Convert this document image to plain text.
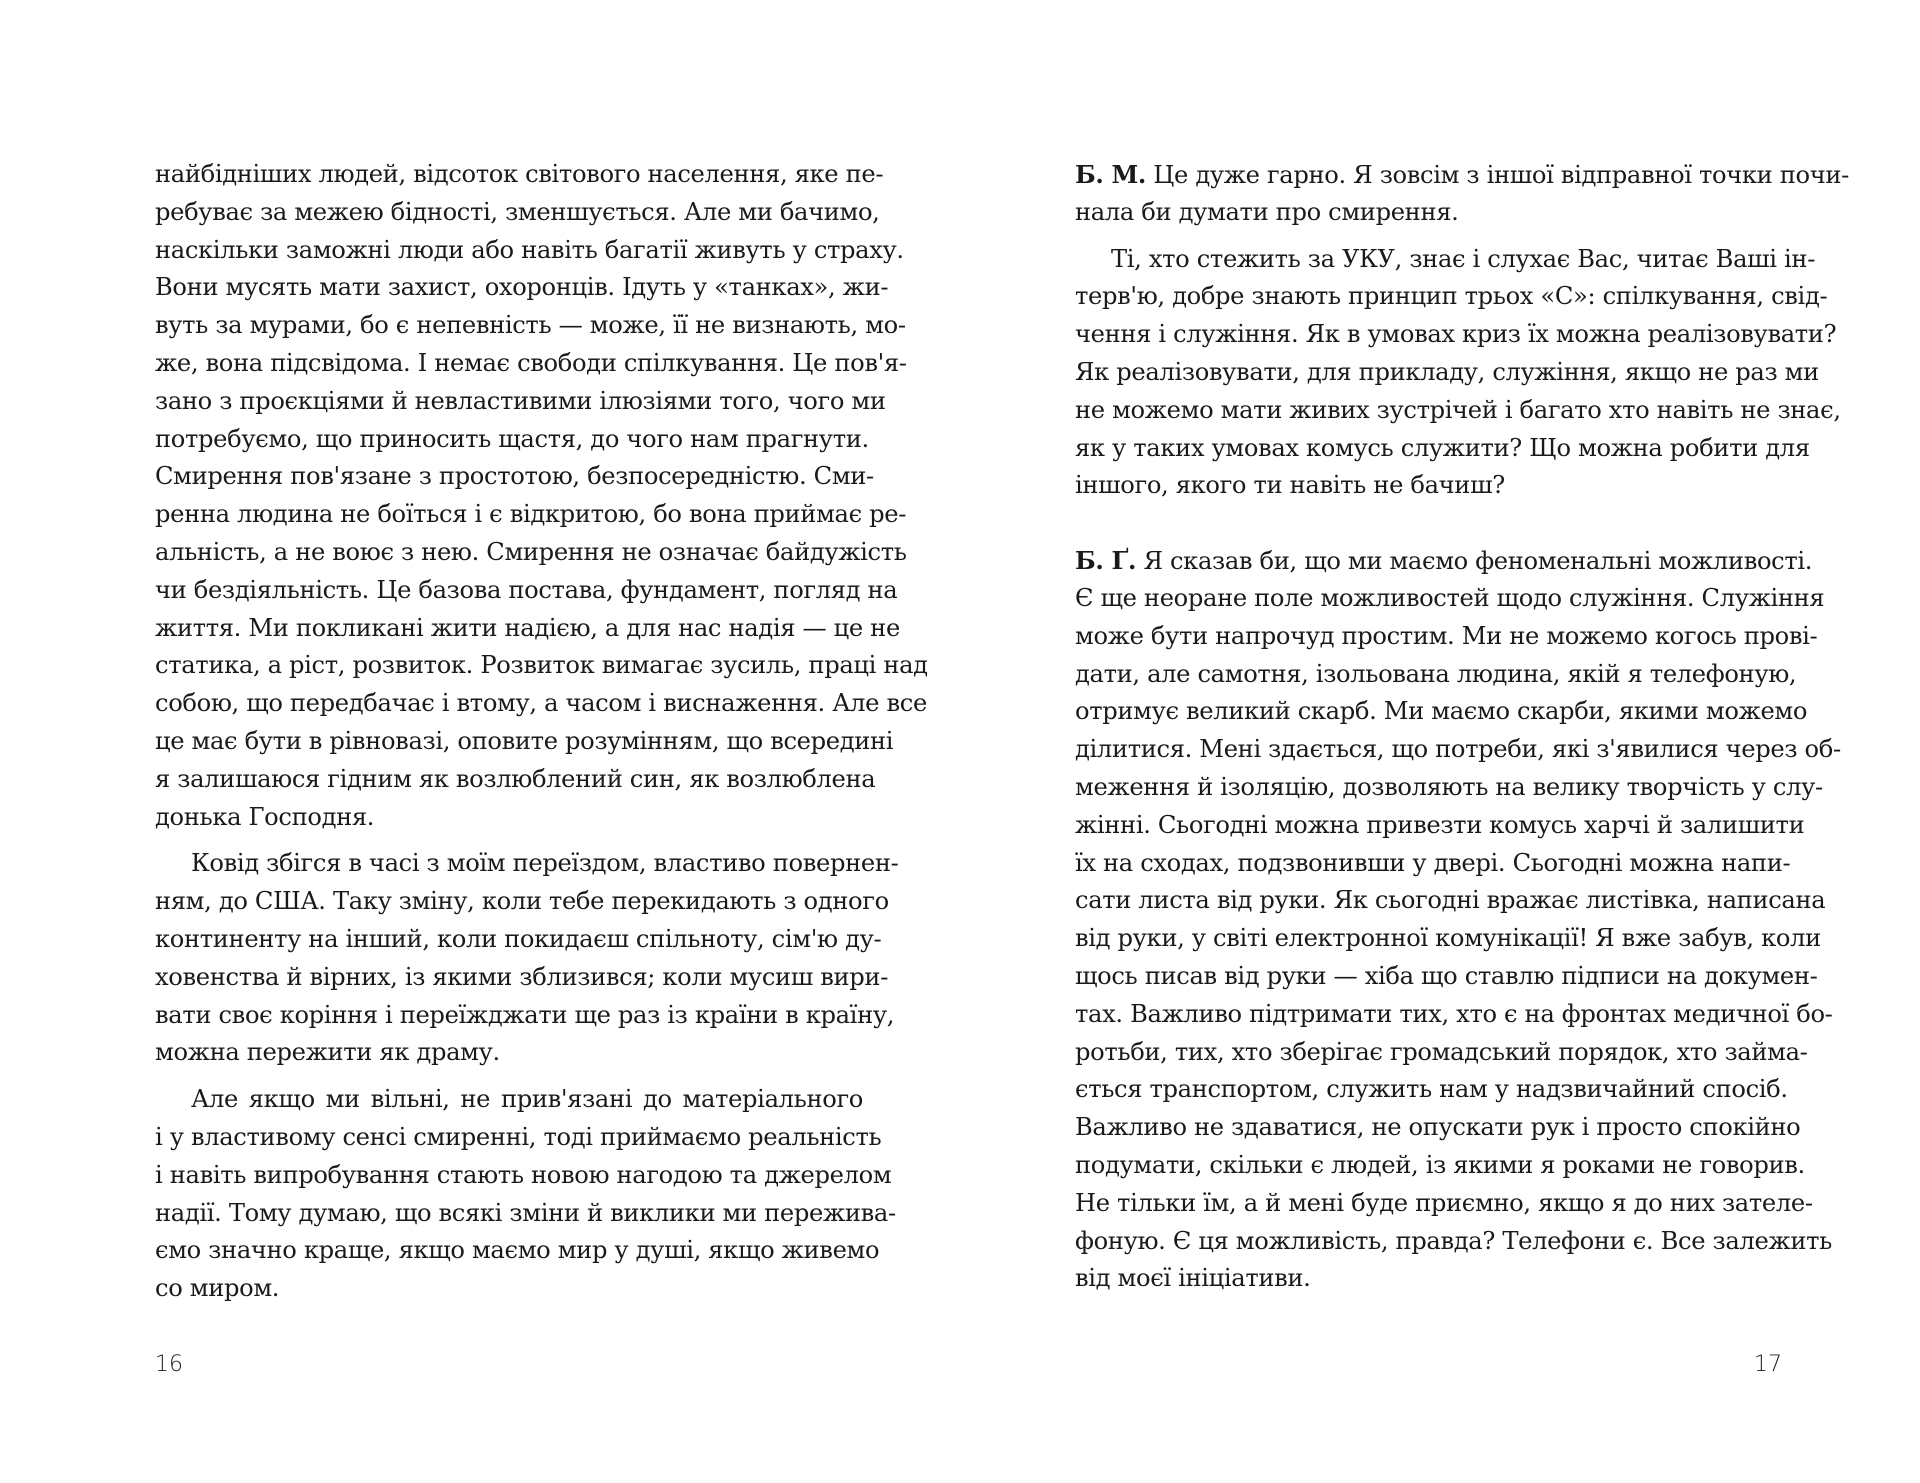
найбідніших людей, відсоток світового населення, яке пе-
ребуває за межею бідності, зменшується. Але ми бачимо,
наскільки заможні люди або навіть багатії живуть у страху.
Вони мусять мати захист, охоронців. Ідуть у «танках», жи-
вуть за мурами, бо є непевність — може, її не визнають, мо-
же, вона підсвідома. І немає свободи спілкування. Це пов'я-
зано з проєкціями й невластивими ілюзіями того, чого ми
потребуємо, що приносить щастя, до чого нам прагнути.
Смирення пов'язане з простотою, безпосередністю. Сми-
ренна людина не боїться і є відкритою, бо вона приймає ре-
альність, а не воює з нею. Смирення не означає байдужість
чи бездіяльність. Це базова постава, фундамент, погляд на
життя. Ми покликані жити надією, а для нас надія — це не
статика, а ріст, розвиток. Розвиток вимагає зусиль, праці над
собою, що передбачає і втому, а часом і виснаження. Але все
це має бути в рівновазі, оповите розумінням, що всередині
я залишаюся гідним як возлюблений син, як возлюблена
донька Господня.
Ковід збігся в часі з моїм переїздом, властиво повернен-
ням, до США. Таку зміну, коли тебе перекидають з одного
континенту на інший, коли покидаєш спільноту, сім'ю ду-
ховенства й вірних, із якими зблизився; коли мусиш вири-
вати своє коріння і переїжджати ще раз із країни в країну,
можна пережити як драму.
Але якщо ми вільні, не прив'язані до матеріального
і у властивому сенсі смиренні, тоді приймаємо реальність
і навіть випробування стають новою нагодою та джерелом
надії. Тому думаю, що всякі зміни й виклики ми пережива-
ємо значно краще, якщо маємо мир у душі, якщо живемо
со миром.
16
Б. М. Це дуже гарно. Я зовсім з іншої відправної точки почи-
нала би думати про смирення.
Ті, хто стежить за УКУ, знає і слухає Вас, читає Ваші ін-
терв'ю, добре знають принцип трьох «С»: спілкування, свід-
чення і служіння. Як в умовах криз їх можна реалізовувати?
Як реалізовувати, для прикладу, служіння, якщо не раз ми
не можемо мати живих зустрічей і багато хто навіть не знає,
як у таких умовах комусь служити? Що можна робити для
іншого, якого ти навіть не бачиш?
Б. Ґ. Я сказав би, що ми маємо феноменальні можливості.
Є ще неоране поле можливостей щодо служіння. Служіння
може бути напрочуд простим. Ми не можемо когось прові-
дати, але самотня, ізольована людина, якій я телефоную,
отримує великий скарб. Ми маємо скарби, якими можемо
ділитися. Мені здається, що потреби, які з'явилися через об-
меження й ізоляцію, дозволяють на велику творчість у слу-
жінні. Сьогодні можна привезти комусь харчі й залишити
їх на сходах, подзвонивши у двері. Сьогодні можна напи-
сати листа від руки. Як сьогодні вражає листівка, написана
від руки, у світі електронної комунікації! Я вже забув, коли
щось писав від руки — хіба що ставлю підписи на докумен-
тах. Важливо підтримати тих, хто є на фронтах медичної бо-
ротьби, тих, хто зберігає громадський порядок, хто займа-
ється транспортом, служить нам у надзвичайний спосіб.
Важливо не здаватися, не опускати рук і просто спокійно
подумати, скільки є людей, із якими я роками не говорив.
Не тільки їм, а й мені буде приємно, якщо я до них зателе-
фоную. Є ця можливість, правда? Телефони є. Все залежить
від моєї ініціативи.
17
